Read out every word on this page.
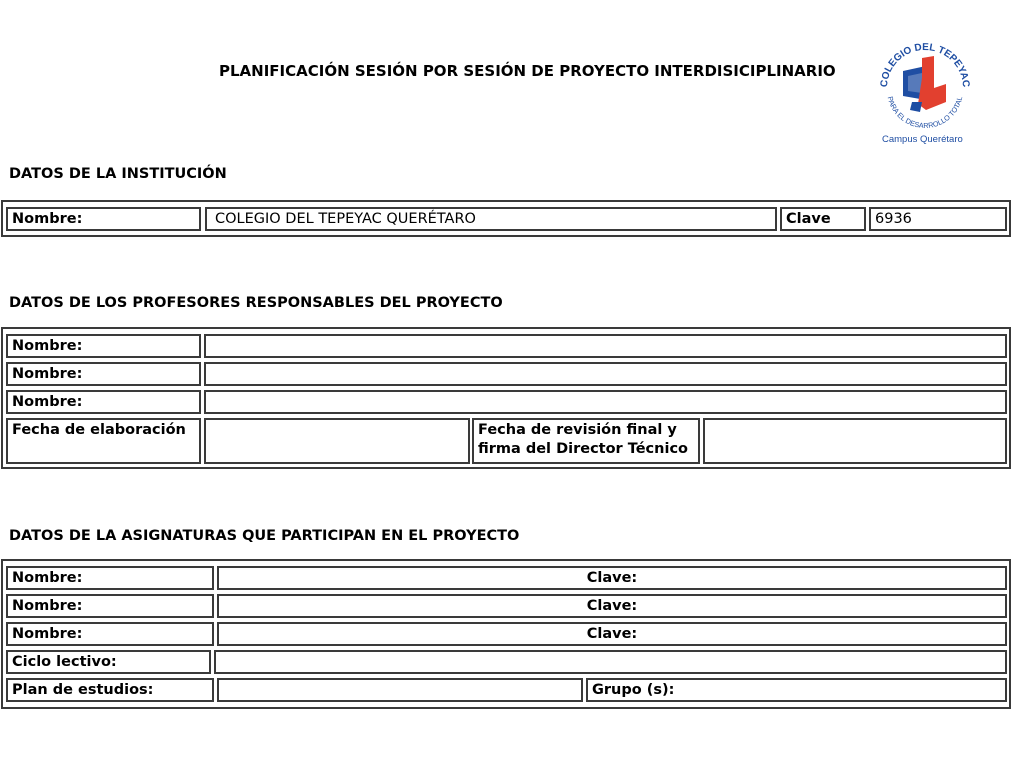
PLANIFICACIÓN SESIÓN POR SESIÓN DE PROYECTO INTERDISICIPLINARIO
COLEGIO DEL TEPEYAC
PARA EL DESARROLLO TOTAL
Campus Querétaro
DATOS DE LA INSTITUCIÓN
Nombre:	COLEGIO DEL TEPEYAC QUERÉTARO	Clave	6936
DATOS DE LOS PROFESORES RESPONSABLES DEL PROYECTO
Nombre:
Nombre:
Nombre:
Fecha de elaboración	Fecha de revisión final y firma del Director Técnico
DATOS DE LA ASIGNATURAS QUE PARTICIPAN EN EL PROYECTO
Nombre:	Clave:
Nombre:	Clave:
Nombre:	Clave:
Ciclo lectivo:
Plan de estudios:	Grupo (s):
